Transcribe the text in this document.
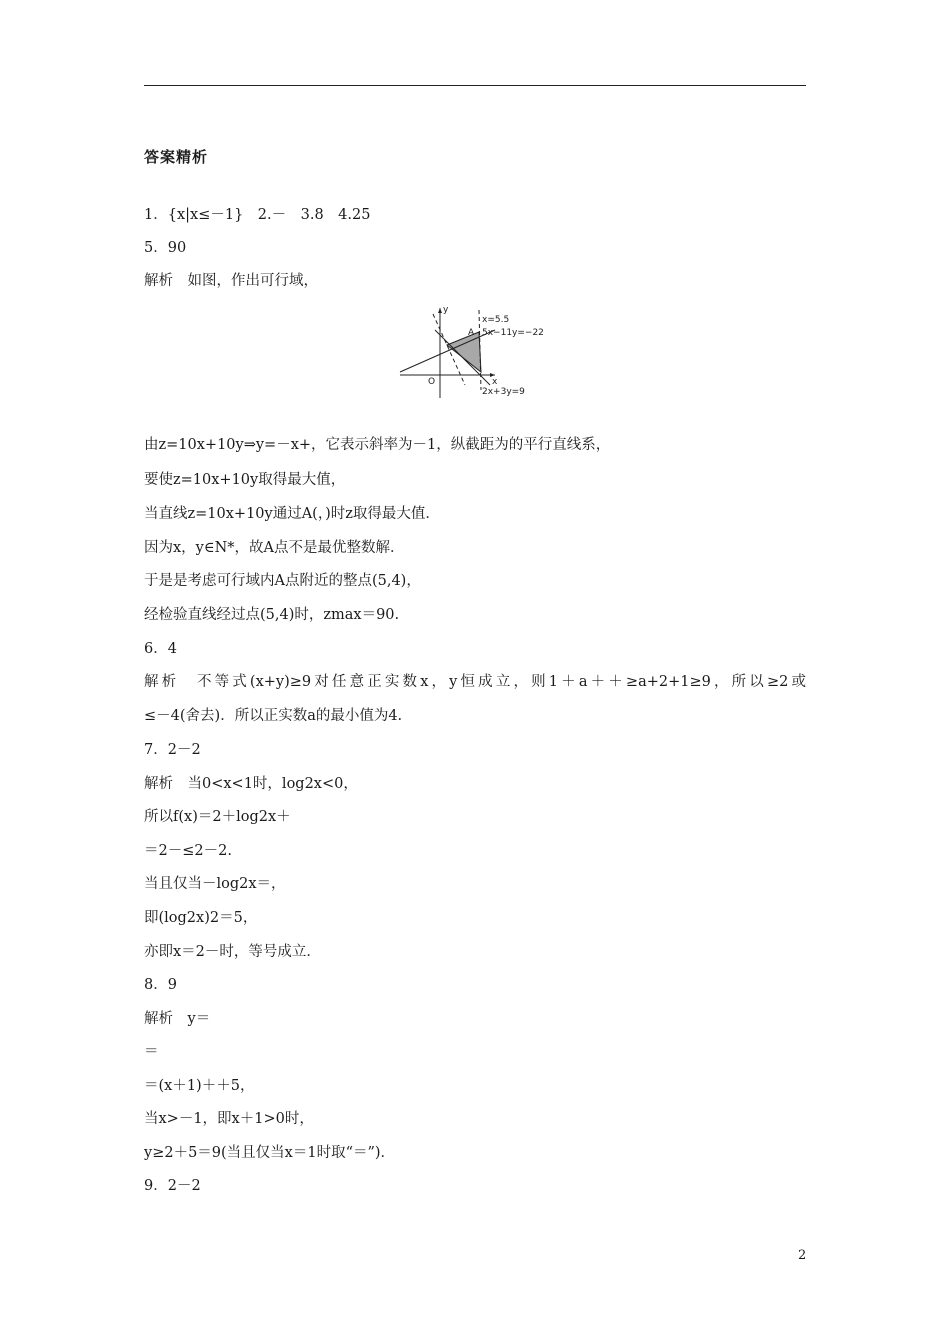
答案精析
1．{x|x≤－1}　2.－　3.8　4.25
5．90
解析　如图，作出可行域，
y
x
O
A
x=5.5
5x−11y=−22
2x+3y=9
由z=10x+10y⇒y=－x+，它表示斜率为－1，纵截距为的平行直线系，
要使z=10x+10y取得最大值，
当直线z=10x+10y通过A(，)时z取得最大值．
因为x，y∈N*，故A点不是最优整数解．
于是是考虑可行域内A点附近的整点(5,4)，
经检验直线经过点(5,4)时，zmax＝90.
6．4
解析　不等式(x+y)≥9对任意正实数x，y恒成立，则1＋a＋＋≥a+2+1≥9，所以≥2或
≤－4(舍去)．所以正实数a的最小值为4.
7．2－2
解析　当0<x<1时，log2x<0，
所以f(x)＝2＋log2x＋
＝2－≤2－2.
当且仅当－log2x＝，
即(log2x)2＝5，
亦即x＝2－时，等号成立．
8．9
解析　y＝
＝
＝(x＋1)＋＋5，
当x>－1，即x＋1>0时，
y≥2＋5＝9(当且仅当x＝1时取“＝”)．
9．2－2
2
